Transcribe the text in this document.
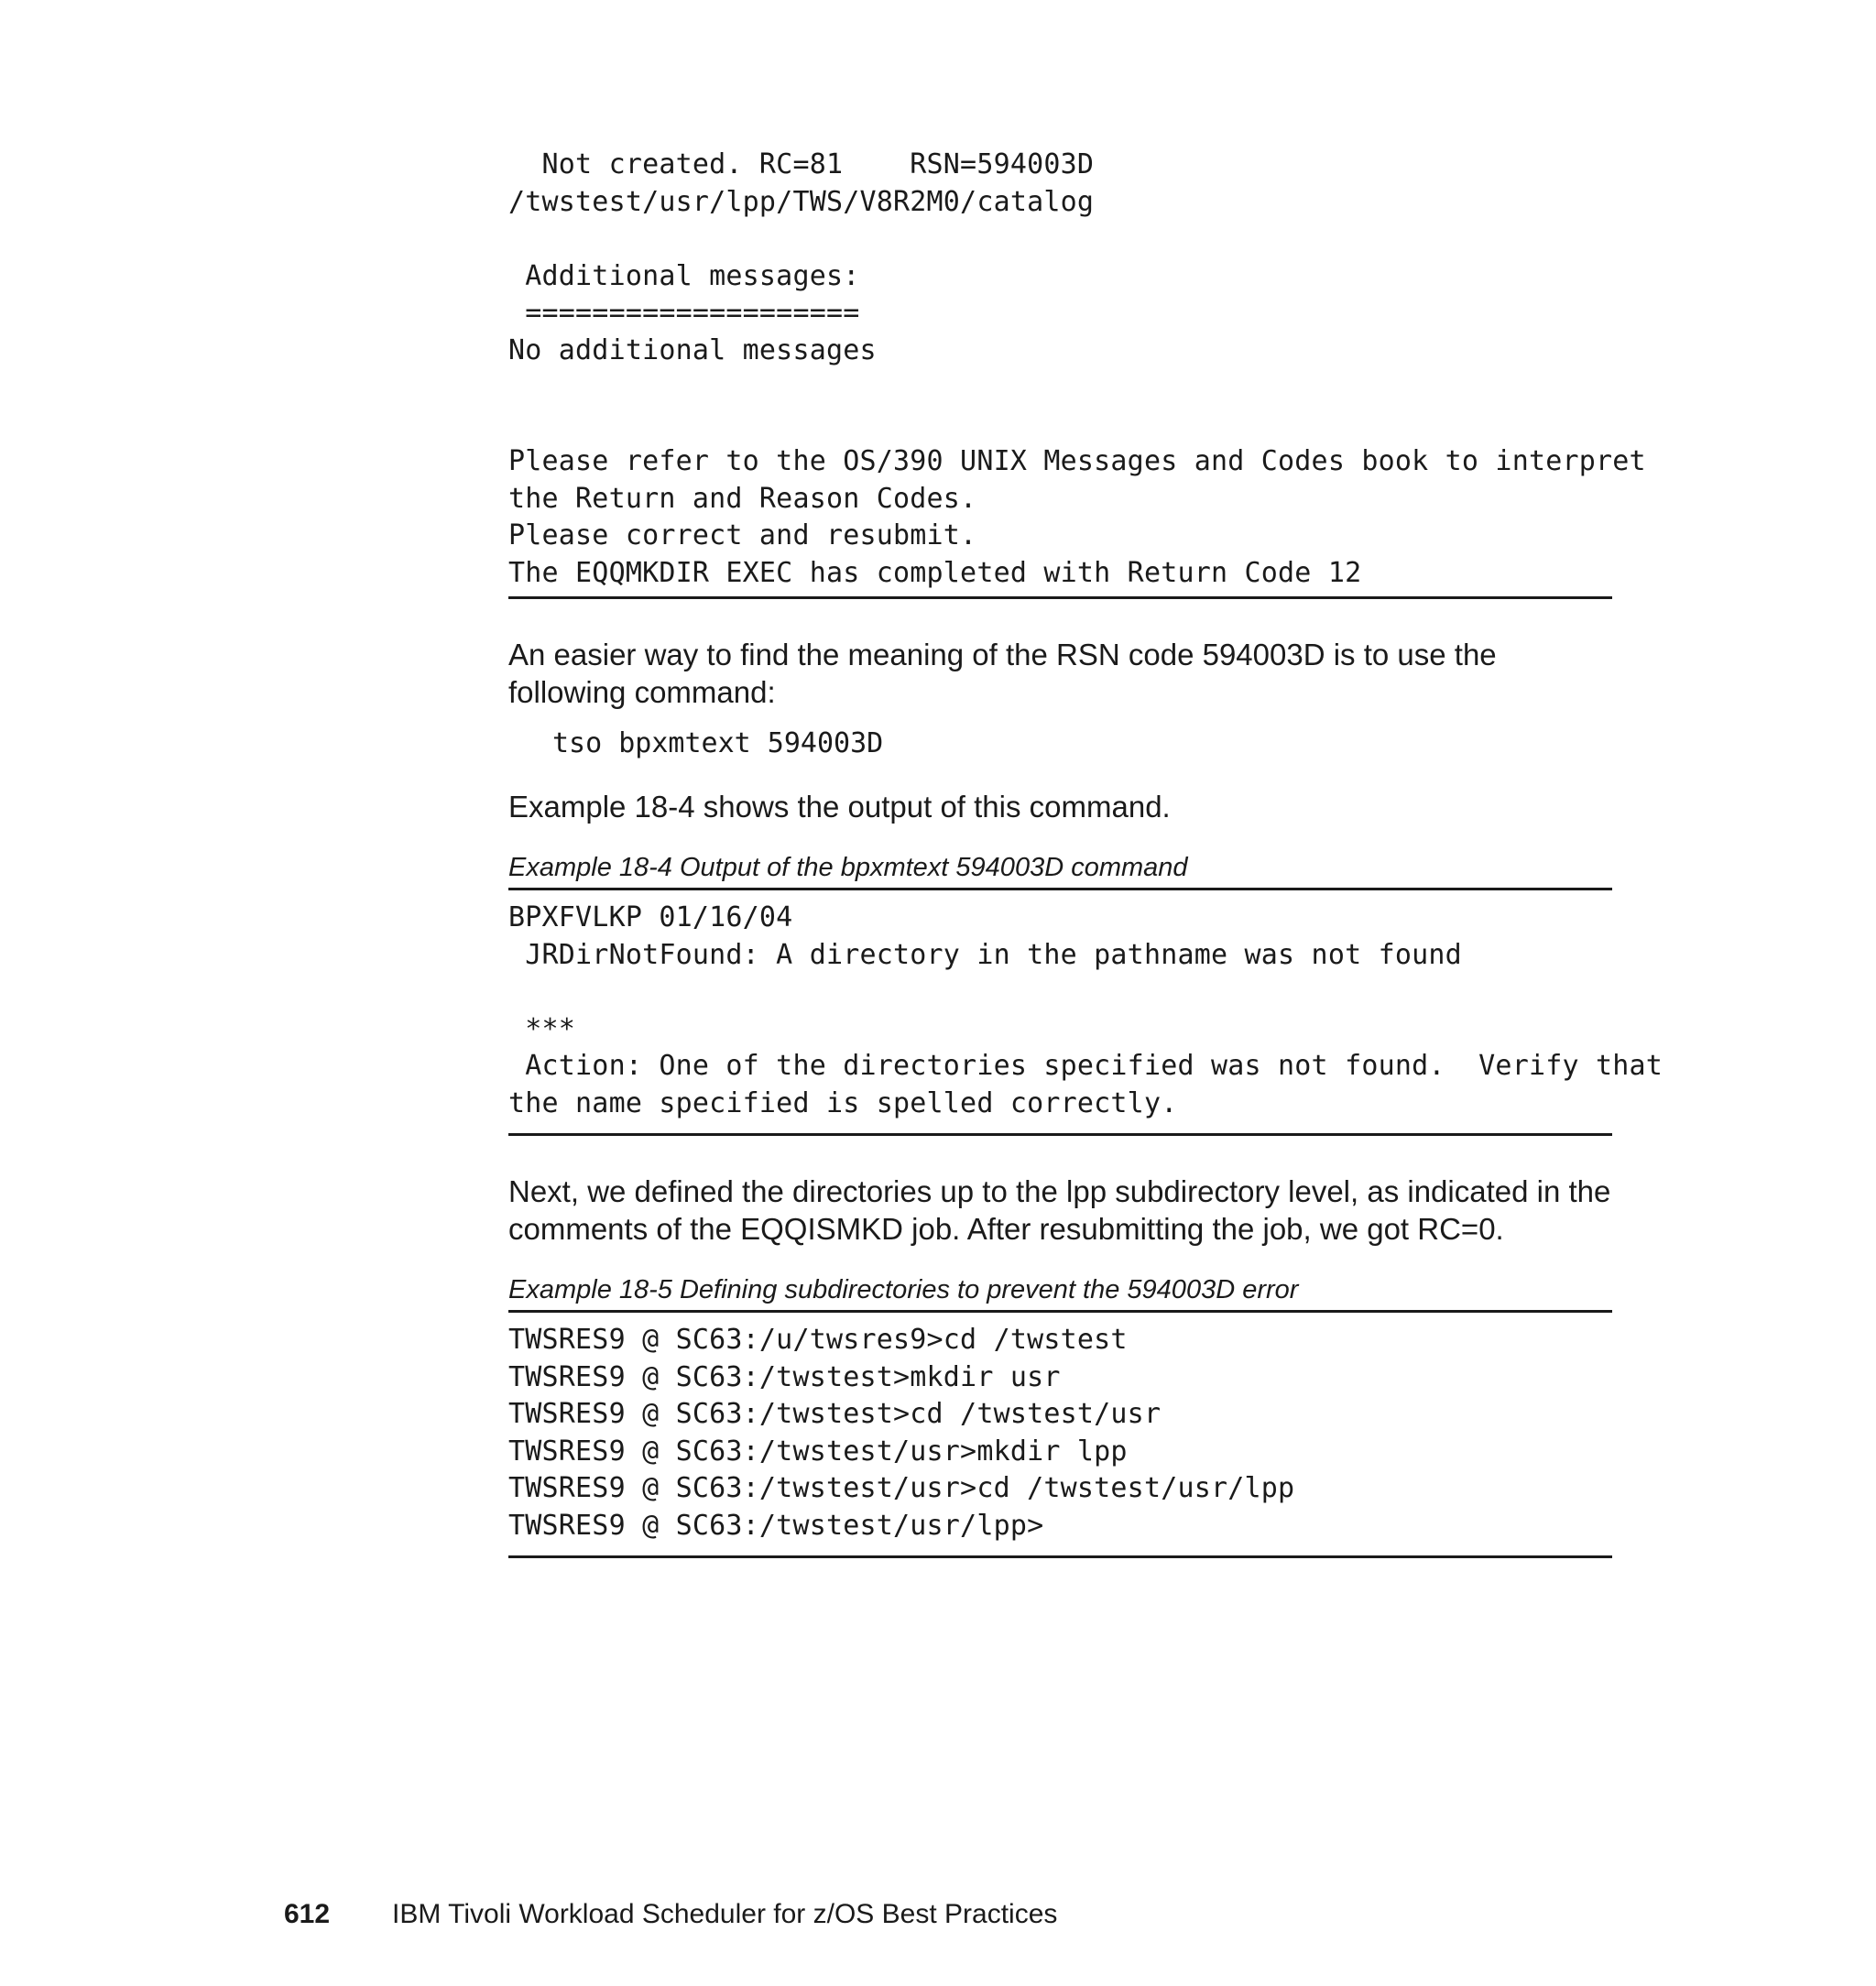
Not created. RC=81    RSN=594003D
/twstest/usr/lpp/TWS/V8R2M0/catalog

Additional messages:
====================
No additional messages

Please refer to the OS/390 UNIX Messages and Codes book to interpret
the Return and Reason Codes.
Please correct and resubmit.
The EQQMKDIR EXEC has completed with Return Code 12

An easier way to find the meaning of the RSN code 594003D is to use the following command:

tso bpxmtext 594003D

Example 18-4 shows the output of this command.

Example 18-4 Output of the bpxmtext 594003D command

BPXFVLKP 01/16/04
JRDirNotFound: A directory in the pathname was not found

***
Action: One of the directories specified was not found.  Verify that
the name specified is spelled correctly.

Next, we defined the directories up to the lpp subdirectory level, as indicated in the comments of the EQQISMKD job. After resubmitting the job, we got RC=0.

Example 18-5 Defining subdirectories to prevent the 594003D error

TWSRES9 @ SC63:/u/twsres9>cd /twstest
TWSRES9 @ SC63:/twstest>mkdir usr
TWSRES9 @ SC63:/twstest>cd /twstest/usr
TWSRES9 @ SC63:/twstest/usr>mkdir lpp
TWSRES9 @ SC63:/twstest/usr>cd /twstest/usr/lpp
TWSRES9 @ SC63:/twstest/usr/lpp>
612 IBM Tivoli Workload Scheduler for z/OS Best Practices
